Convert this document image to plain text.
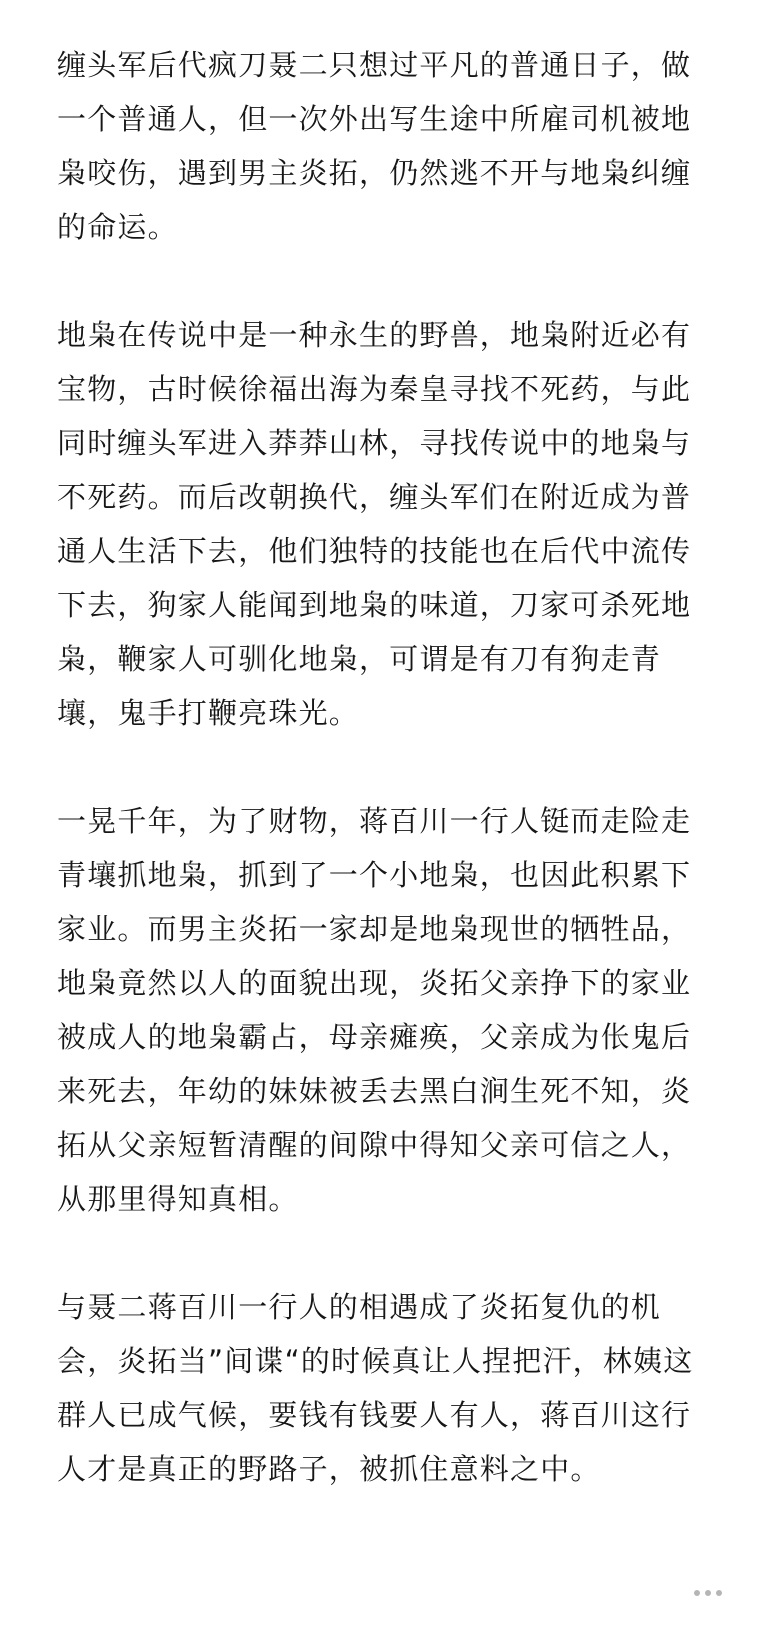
缠头军后代疯刀聂二只想过平凡的普通日子，做
一个普通人，但一次外出写生途中所雇司机被地
枭咬伤，遇到男主炎拓，仍然逃不开与地枭纠缠
的命运。

地枭在传说中是一种永生的野兽，地枭附近必有
宝物，古时候徐福出海为秦皇寻找不死药，与此
同时缠头军进入莽莽山林，寻找传说中的地枭与
不死药。而后改朝换代，缠头军们在附近成为普
通人生活下去，他们独特的技能也在后代中流传
下去，狗家人能闻到地枭的味道，刀家可杀死地
枭，鞭家人可驯化地枭，可谓是有刀有狗走青
壤，鬼手打鞭亮珠光。

一晃千年，为了财物，蒋百川一行人铤而走险走
青壤抓地枭，抓到了一个小地枭，也因此积累下
家业。而男主炎拓一家却是地枭现世的牺牲品，
地枭竟然以人的面貌出现，炎拓父亲挣下的家业
被成人的地枭霸占，母亲瘫痪，父亲成为伥鬼后
来死去，年幼的妹妹被丢去黑白涧生死不知，炎
拓从父亲短暂清醒的间隙中得知父亲可信之人，
从那里得知真相。

与聂二蒋百川一行人的相遇成了炎拓复仇的机
会，炎拓当”间谍“的时候真让人捏把汗，林姨这
群人已成气候，要钱有钱要人有人，蒋百川这行
人才是真正的野路子，被抓住意料之中。
